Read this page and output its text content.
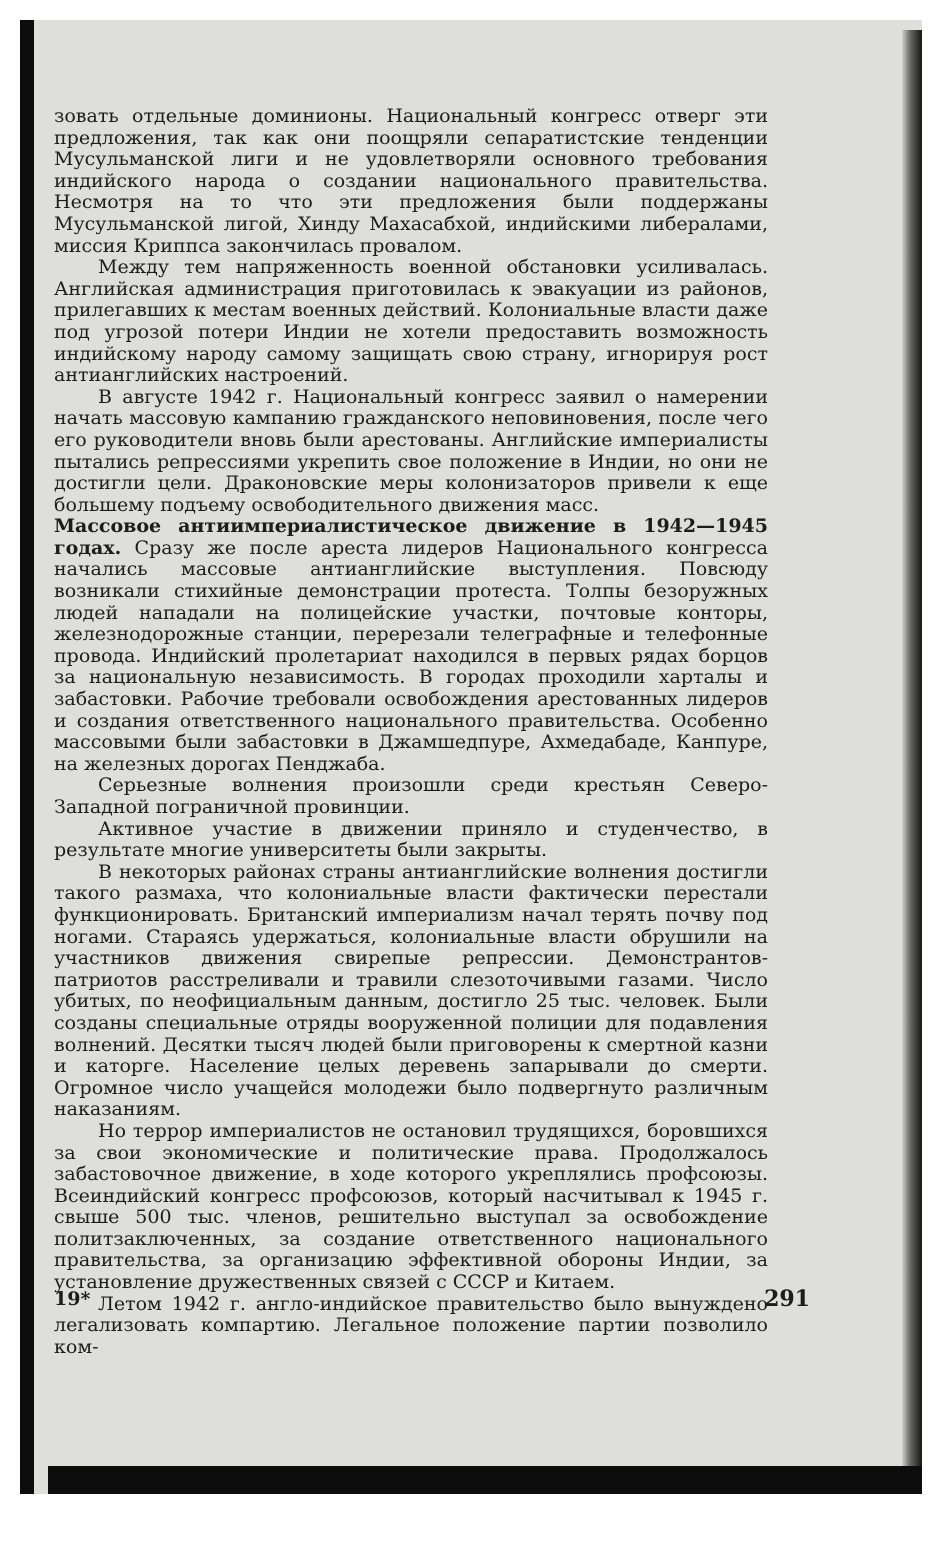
зовать отдельные доминионы. Национальный конгресс отверг эти предложения, так как они поощряли сепаратистские тенденции Мусульманской лиги и не удовлетворяли основного требования индийского народа о создании национального правительства. Несмотря на то что эти предложения были поддержаны Мусульманской лигой, Хинду Махасабхой, индийскими либералами, миссия Криппса закончилась провалом.

Между тем напряженность военной обстановки усиливалась. Английская администрация приготовилась к эвакуации из районов, прилегавших к местам военных действий. Колониальные власти даже под угрозой потери Индии не хотели предоставить возможность индийскому народу самому защищать свою страну, игнорируя рост антианглийских настроений.

В августе 1942 г. Национальный конгресс заявил о намерении начать массовую кампанию гражданского неповиновения, после чего его руководители вновь были арестованы. Английские империалисты пытались репрессиями укрепить свое положение в Индии, но они не достигли цели. Драконовские меры колонизаторов привели к еще большему подъему освободительного движения масс.

Массовое антиимпериалистическое движение в 1942—1945 годах. Сразу же после ареста лидеров Национального конгресса начались массовые антианглийские выступления. Повсюду возникали стихийные демонстрации протеста. Толпы безоружных людей нападали на полицейские участки, почтовые конторы, железнодорожные станции, перерезали телеграфные и телефонные провода. Индийский пролетариат находился в первых рядах борцов за национальную независимость. В городах проходили харталы и забастовки. Рабочие требовали освобождения арестованных лидеров и создания ответственного национального правительства. Особенно массовыми были забастовки в Джамшедпуре, Ахмедабаде, Канпуре, на железных дорогах Пенджаба.

Серьезные волнения произошли среди крестьян Северо-Западной пограничной провинции.

Активное участие в движении приняло и студенчество, в результате многие университеты были закрыты.

В некоторых районах страны антианглийские волнения достигли такого размаха, что колониальные власти фактически перестали функционировать. Британский империализм начал терять почву под ногами. Стараясь удержаться, колониальные власти обрушили на участников движения свирепые репрессии. Демонстрантов-патриотов расстреливали и травили слезоточивыми газами. Число убитых, по неофициальным данным, достигло 25 тыс. человек. Были созданы специальные отряды вооруженной полиции для подавления волнений. Десятки тысяч людей были приговорены к смертной казни и каторге. Население целых деревень запарывали до смерти. Огромное число учащейся молодежи было подвергнуто различным наказаниям.

Но террор империалистов не остановил трудящихся, боровшихся за свои экономические и политические права. Продолжалось забастовочное движение, в ходе которого укреплялись профсоюзы. Всеиндийский конгресс профсоюзов, который насчитывал к 1945 г. свыше 500 тыс. членов, решительно выступал за освобождение политзаключенных, за создание ответственного национального правительства, за организацию эффективной обороны Индии, за установление дружественных связей с СССР и Китаем.

Летом 1942 г. англо-индийское правительство было вынуждено легализовать компартию. Легальное положение партии позволило ком-

19*	291
